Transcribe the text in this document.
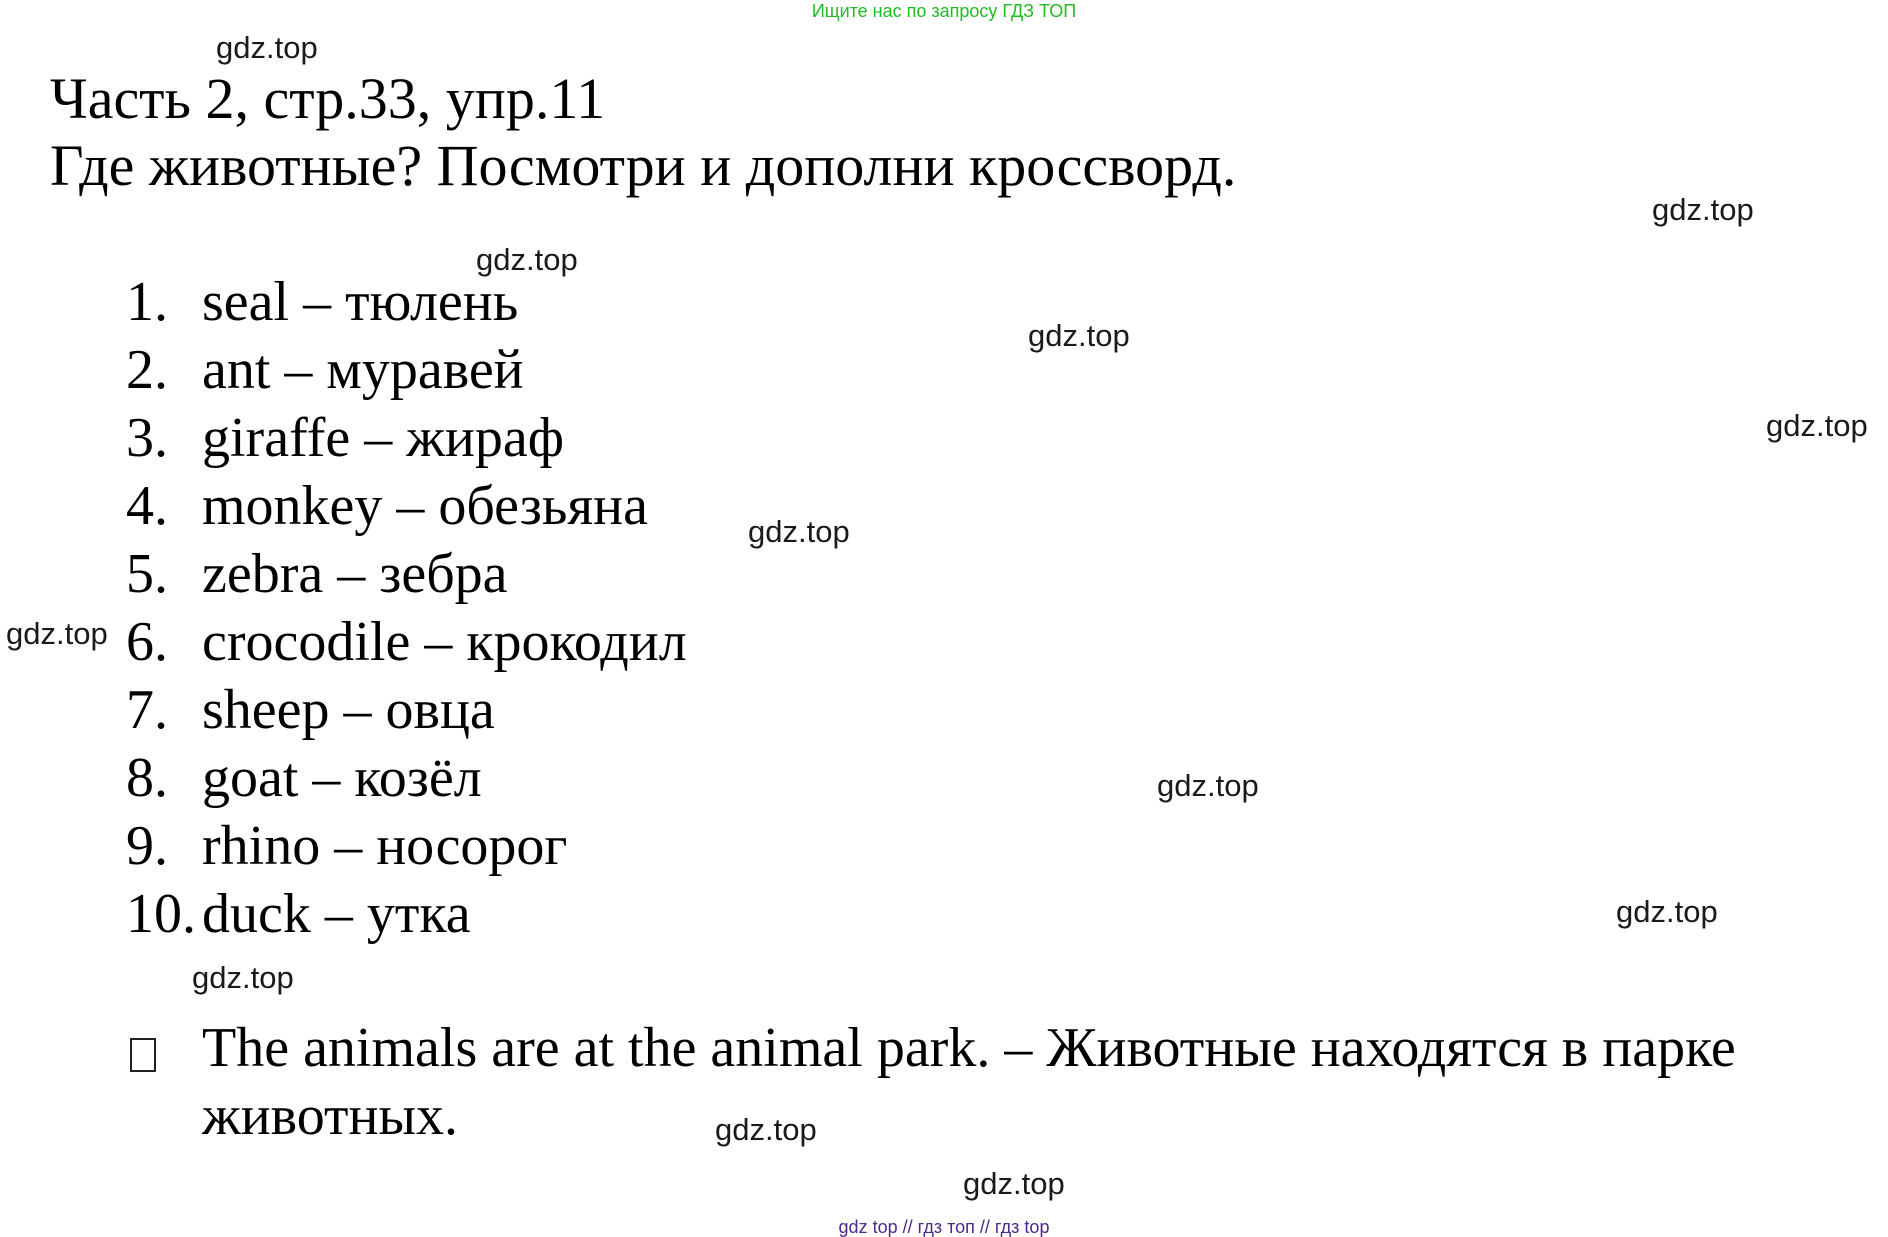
Ищите нас по запросу ГДЗ ТОП
Часть 2, стр.33, упр.11
Где животные? Посмотри и дополни кроссворд.
1. seal – тюлень
2. ant – муравей
3. giraffe – жираф
4. monkey – обезьяна
5. zebra – зебра
6. crocodile – крокодил
7. sheep – овца
8. goat – козёл
9. rhino – носорог
10. duck – утка
The animals are at the animal park. – Животные находятся в парке животных.
gdz.top
gdz.top
gdz.top
gdz.top
gdz.top
gdz.top
gdz.top
gdz.top
gdz.top
gdz.top
gdz.top
gdz.top
gdz top // гдз топ // гдз top
